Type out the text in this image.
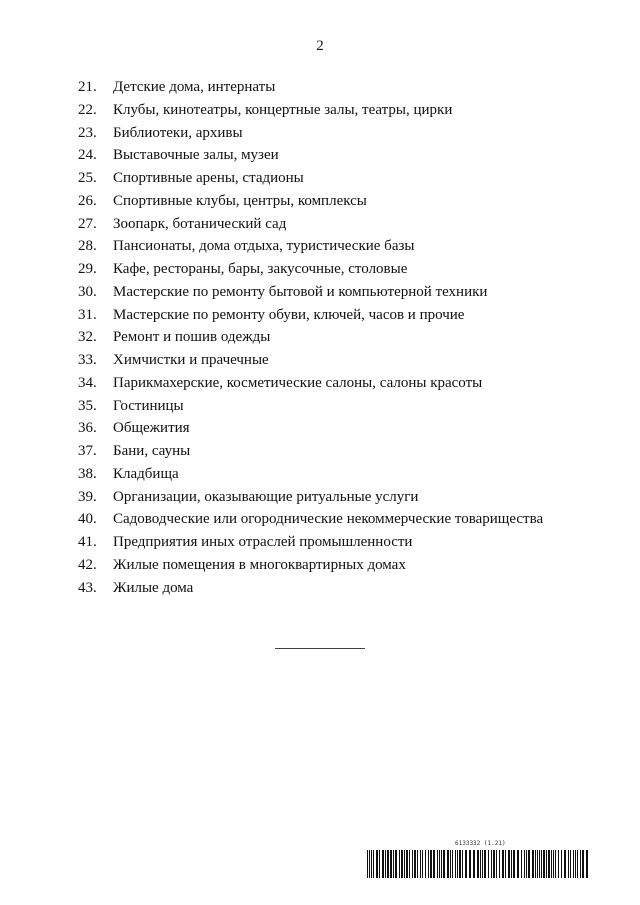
2
21. Детские дома, интернаты
22. Клубы, кинотеатры, концертные залы, театры, цирки
23. Библиотеки, архивы
24. Выставочные залы, музеи
25. Спортивные арены, стадионы
26. Спортивные клубы, центры, комплексы
27. Зоопарк, ботанический сад
28. Пансионаты, дома отдыха, туристические базы
29. Кафе, рестораны, бары, закусочные, столовые
30. Мастерские по ремонту бытовой и компьютерной техники
31. Мастерские по ремонту обуви, ключей, часов и прочие
32. Ремонт и пошив одежды
33. Химчистки и прачечные
34. Парикмахерские, косметические салоны, салоны красоты
35. Гостиницы
36. Общежития
37. Бани, сауны
38. Кладбища
39. Организации, оказывающие ритуальные услуги
40. Садоводческие или огороднические некоммерческие товарищества
41. Предприятия иных отраслей промышленности
42. Жилые помещения в многоквартирных домах
43. Жилые дома
6133332 (1.21)
